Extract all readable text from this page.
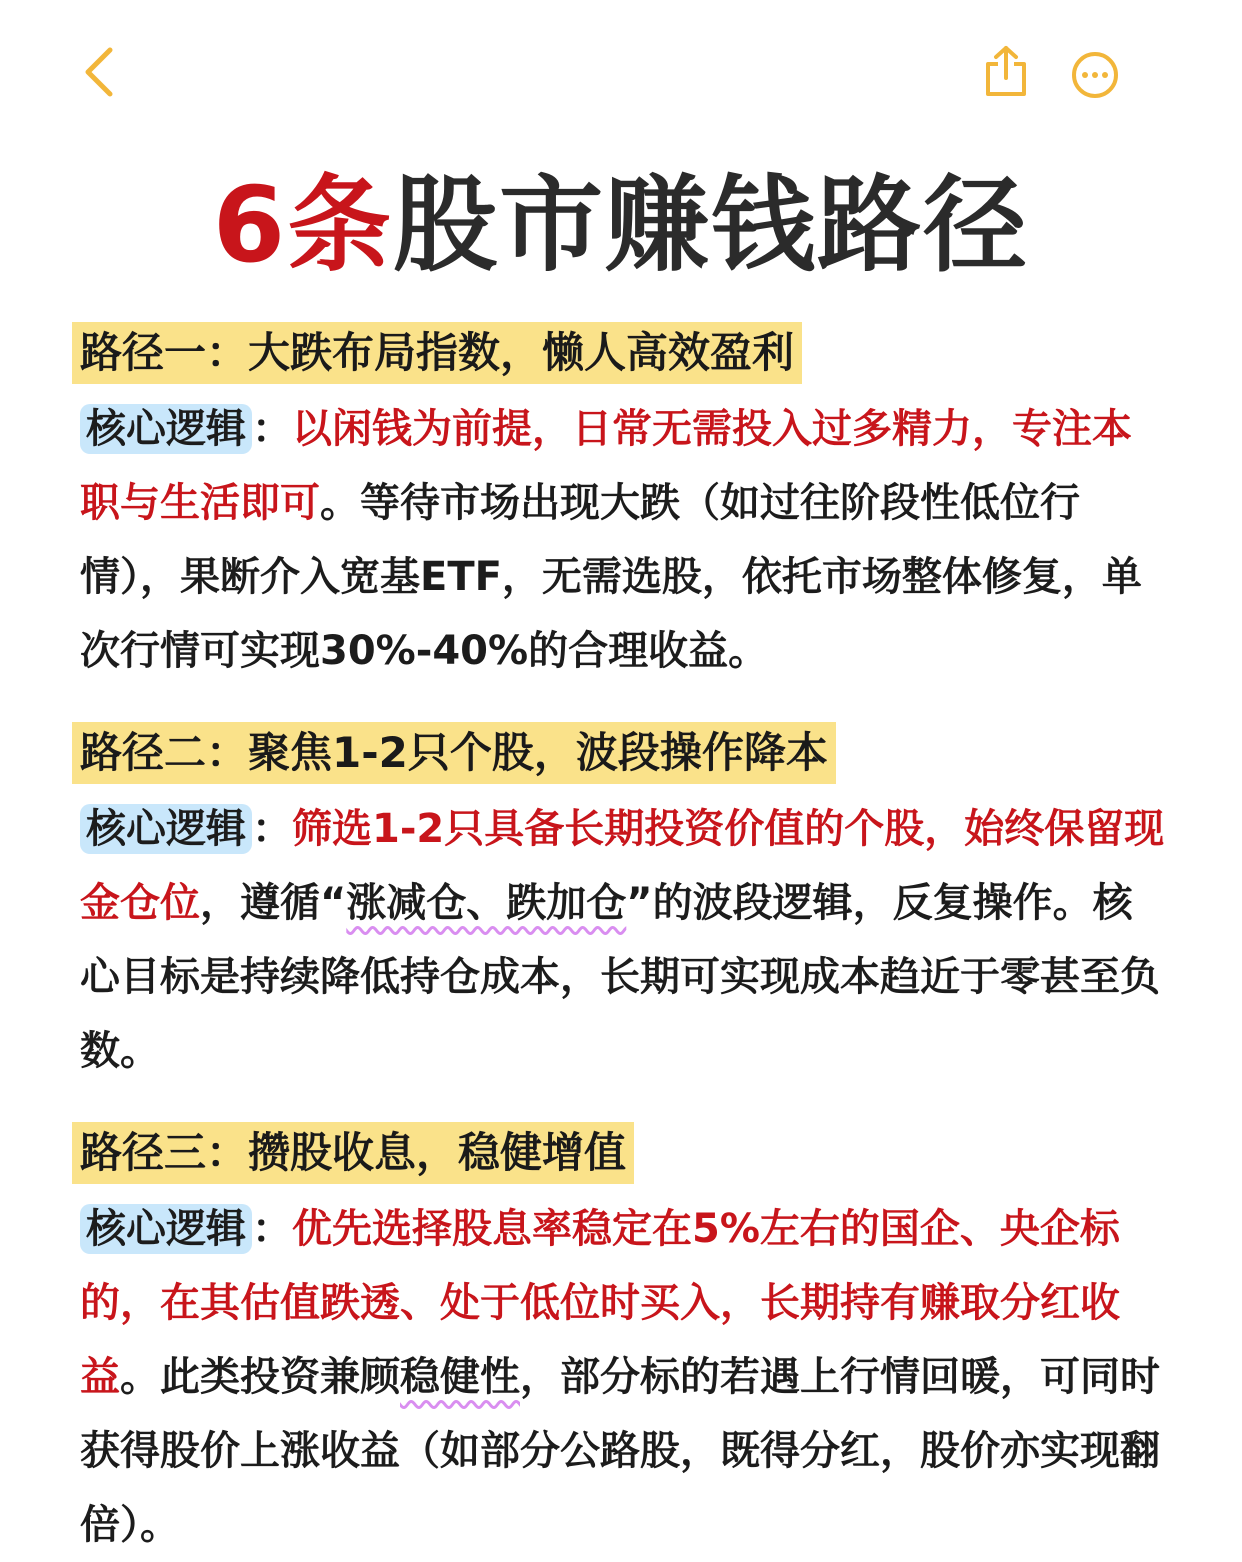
6条股市赚钱路径
路径一：大跌布局指数，懒人高效盈利
核心逻辑 ：以闲钱为前提，日常无需投入过多精力，专注本职与生活即可。等待市场出现大跌（如过往阶段性低位行情），果断介入宽基ETF，无需选股，依托市场整体修复，单次行情可实现30%-40%的合理收益。
路径二：聚焦1-2只个股，波段操作降本
核心逻辑 ：筛选1-2只具备长期投资价值的个股，始终保留现金仓位，遵循“涨减仓、跌加仓”的波段逻辑，反复操作。核心目标是持续降低持仓成本，长期可实现成本趋近于零甚至负数。
路径三：攒股收息，稳健增值
核心逻辑 ：优先选择股息率稳定在5%左右的国企、央企标的，在其估值跌透、处于低位时买入，长期持有赚取分红收益。此类投资兼顾稳健性，部分标的若遇上行情回暖，可同时获得股价上涨收益（如部分公路股，既得分红，股价亦实现翻倍）。
